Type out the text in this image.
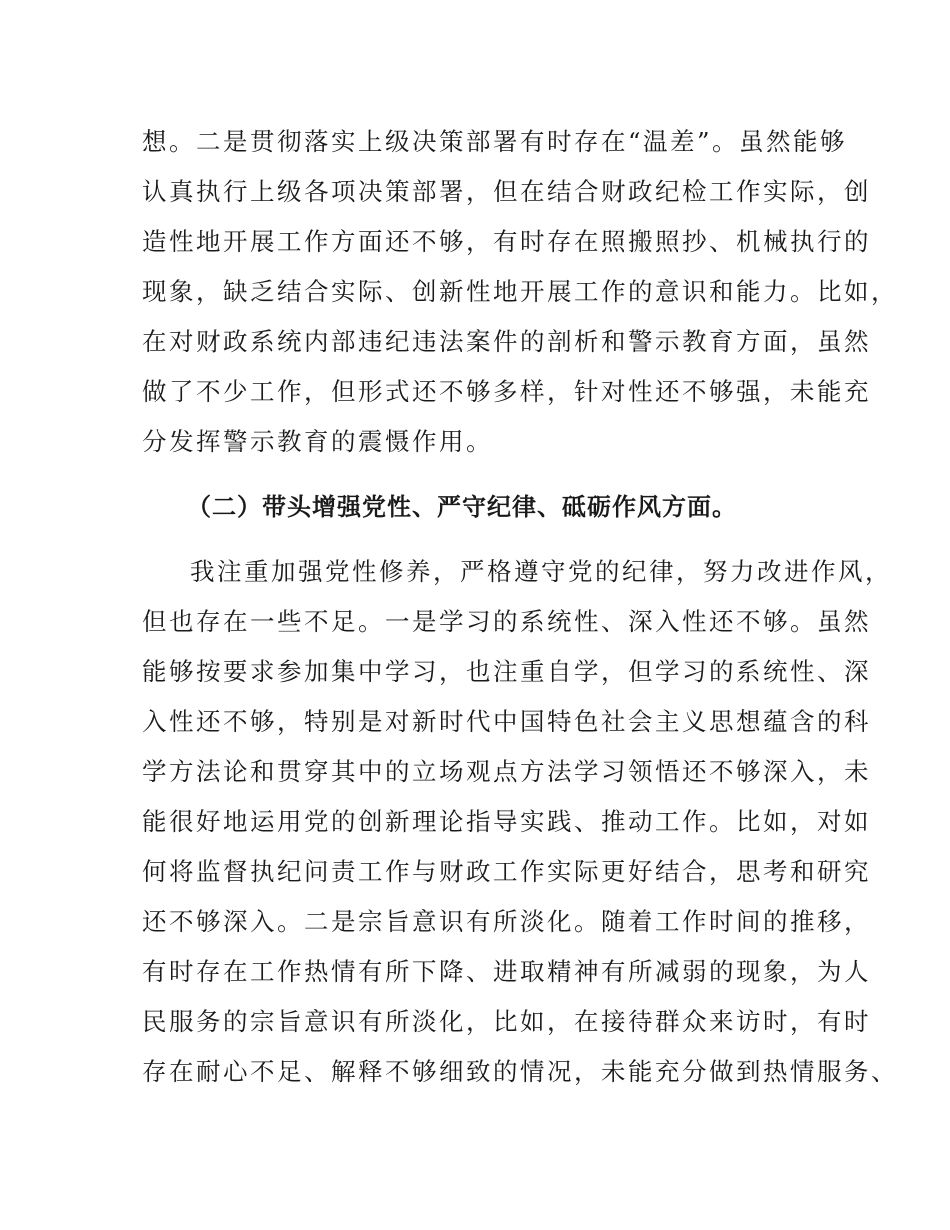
想。二是贯彻落实上级决策部署有时存在“温差”。虽然能够
认真执行上级各项决策部署，但在结合财政纪检工作实际，创
造性地开展工作方面还不够，有时存在照搬照抄、机械执行的
现象，缺乏结合实际、创新性地开展工作的意识和能力。比如，
在对财政系统内部违纪违法案件的剖析和警示教育方面，虽然
做了不少工作，但形式还不够多样，针对性还不够强，未能充
分发挥警示教育的震慑作用。
（二）带头增强党性、严守纪律、砥砺作风方面。
我注重加强党性修养，严格遵守党的纪律，努力改进作风，
但也存在一些不足。一是学习的系统性、深入性还不够。虽然
能够按要求参加集中学习，也注重自学，但学习的系统性、深
入性还不够，特别是对新时代中国特色社会主义思想蕴含的科
学方法论和贯穿其中的立场观点方法学习领悟还不够深入，未
能很好地运用党的创新理论指导实践、推动工作。比如，对如
何将监督执纪问责工作与财政工作实际更好结合，思考和研究
还不够深入。二是宗旨意识有所淡化。随着工作时间的推移，
有时存在工作热情有所下降、进取精神有所减弱的现象，为人
民服务的宗旨意识有所淡化，比如，在接待群众来访时，有时
存在耐心不足、解释不够细致的情况，未能充分做到热情服务、
